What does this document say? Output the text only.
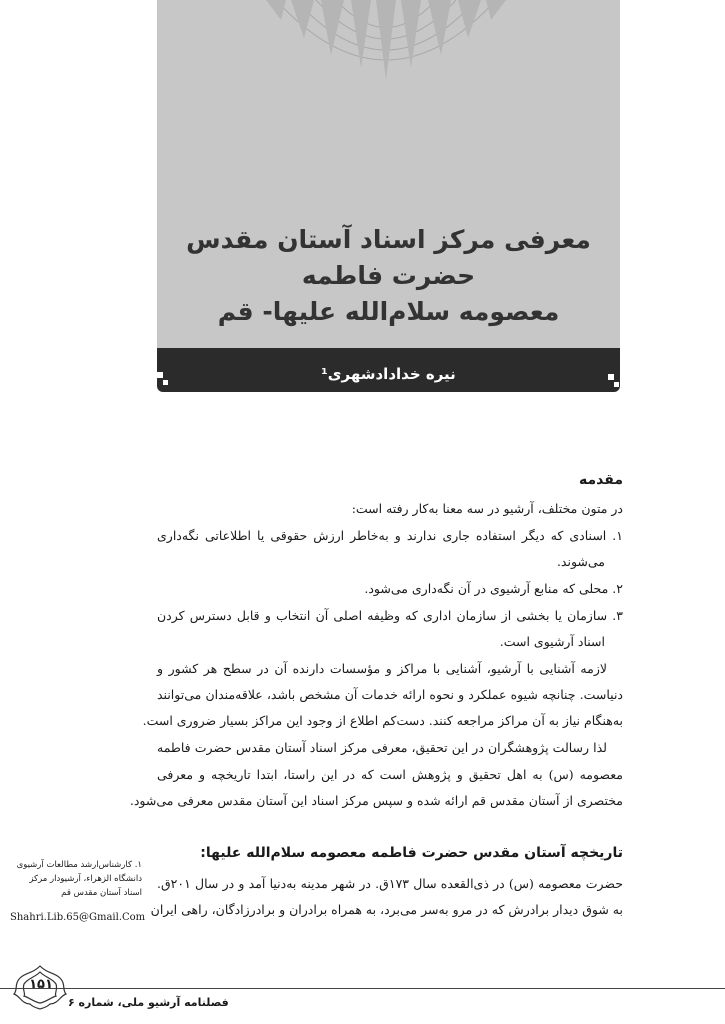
معرفی مرکز اسناد آستان مقدس حضرت فاطمه
معصومه سلام‌الله علیها- قم
نیره خدادادشهری¹
مقدمه
در متون مختلف، آرشیو در سه معنا به‌کار رفته است:
۱. اسنادی که دیگر استفاده جاری ندارند و به‌خاطر ارزش حقوقی یا اطلاعاتی نگه‌داری
می‌شوند.
۲. محلی که منابع آرشیوی در آن نگه‌داری می‌شود.
۳. سازمان یا بخشی از سازمان اداری که وظیفه اصلی آن انتخاب و قابل دسترس کردن
اسناد آرشیوی است.
لازمه آشنایی با آرشیو، آشنایی با مراکز و مؤسسات دارنده آن در سطح هر کشور و
دنیاست. چنانچه شیوه عملکرد و نحوه ارائه خدمات آن مشخص باشد، علاقه‌مندان می‌توانند
به‌هنگام نیاز به آن مراکز مراجعه کنند. دست‌کم اطلاع از وجود این مراکز بسیار ضروری است.
لذا رسالت پژوهشگران در این تحقیق، معرفی مرکز اسناد آستان مقدس حضرت فاطمه
معصومه (س) به اهل تحقیق و پژوهش است که در این راستا، ابتدا تاریخچه و معرفی
مختصری از آستان مقدس قم ارائه شده و سپس مرکز اسناد این آستان مقدس معرفی می‌شود.
تاریخچه آستان مقدس حضرت فاطمه معصومه سلام‌الله علیها:
حضرت معصومه (س) در ذی‌القعده سال ۱۷۳ق. در شهر مدینه به‌دنیا آمد و در سال ۲۰۱ق.
به شوق دیدار برادرش که در مرو به‌سر می‌برد، به همراه برادران و برادرزادگان، راهی ایران
۱. کارشناس‌ارشد مطالعات آرشیوی دانشگاه الزهراء، آرشیودار مرکز اسناد آستان مقدس قم
Shahri.Lib.65@Gmail.Com
۱۵۱
فصلنامه آرشیو ملی، شماره ۶
